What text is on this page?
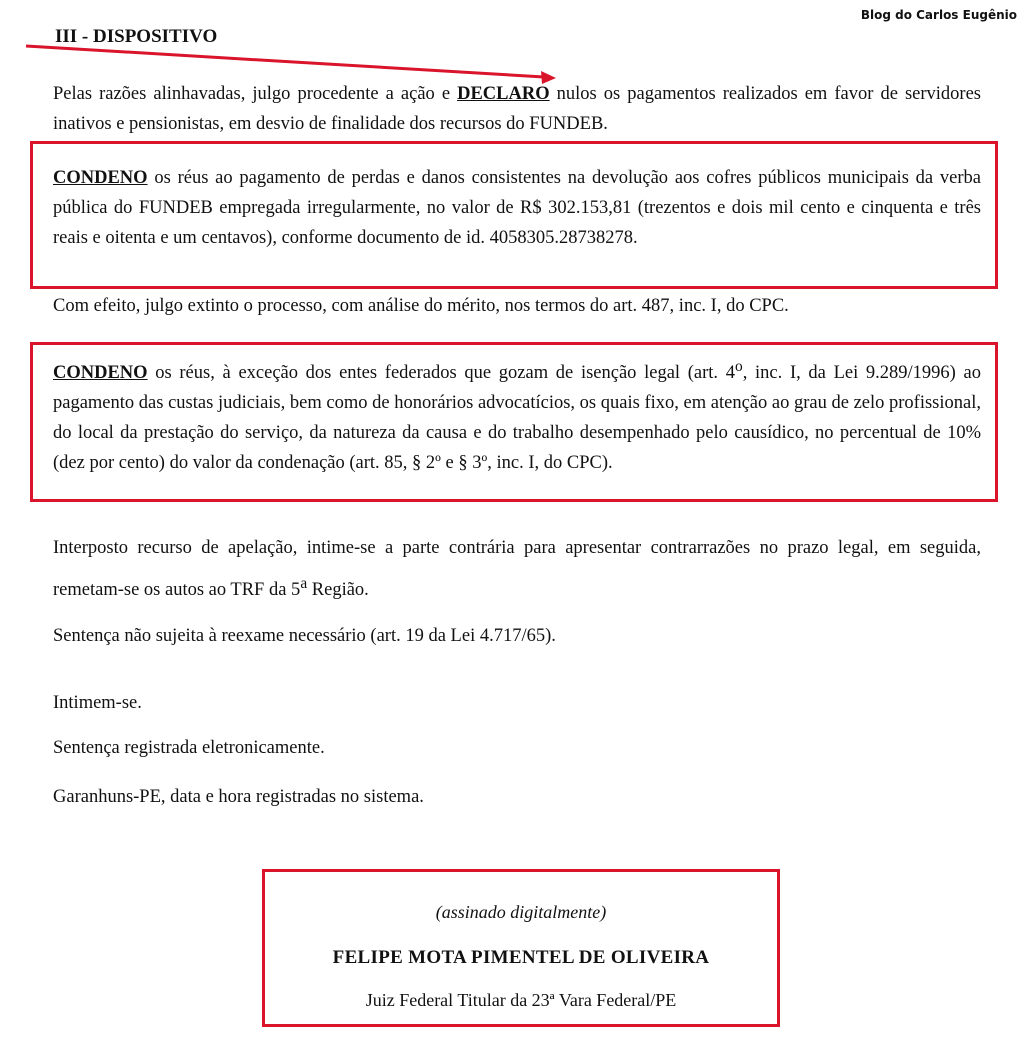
Blog do Carlos Eugênio
III - DISPOSITIVO
Pelas razões alinhavadas, julgo procedente a ação e DECLARO nulos os pagamentos realizados em favor de servidores inativos e pensionistas, em desvio de finalidade dos recursos do FUNDEB.
CONDENO os réus ao pagamento de perdas e danos consistentes na devolução aos cofres públicos municipais da verba pública do FUNDEB empregada irregularmente, no valor de R$ 302.153,81 (trezentos e dois mil cento e cinquenta e três reais e oitenta e um centavos), conforme documento de id. 4058305.28738278.
Com efeito, julgo extinto o processo, com análise do mérito, nos termos do art. 487, inc. I, do CPC.
CONDENO os réus, à exceção dos entes federados que gozam de isenção legal (art. 4$^o$, inc. I, da Lei 9.289/1996) ao pagamento das custas judiciais, bem como de honorários advocatícios, os quais fixo, em atenção ao grau de zelo profissional, do local da prestação do serviço, da natureza da causa e do trabalho desempenhado pelo causídico, no percentual de 10% (dez por cento) do valor da condenação (art. 85, § 2º e § 3º, inc. I, do CPC).
Interposto recurso de apelação, intime-se a parte contrária para apresentar contrarrazões no prazo legal, em seguida, remetam-se os autos ao TRF da 5$^a$ Região.
Sentença não sujeita à reexame necessário (art. 19 da Lei 4.717/65).
Intimem-se.
Sentença registrada eletronicamente.
Garanhuns-PE, data e hora registradas no sistema.
(assinado digitalmente)
FELIPE MOTA PIMENTEL DE OLIVEIRA
Juiz Federal Titular da 23ª Vara Federal/PE
